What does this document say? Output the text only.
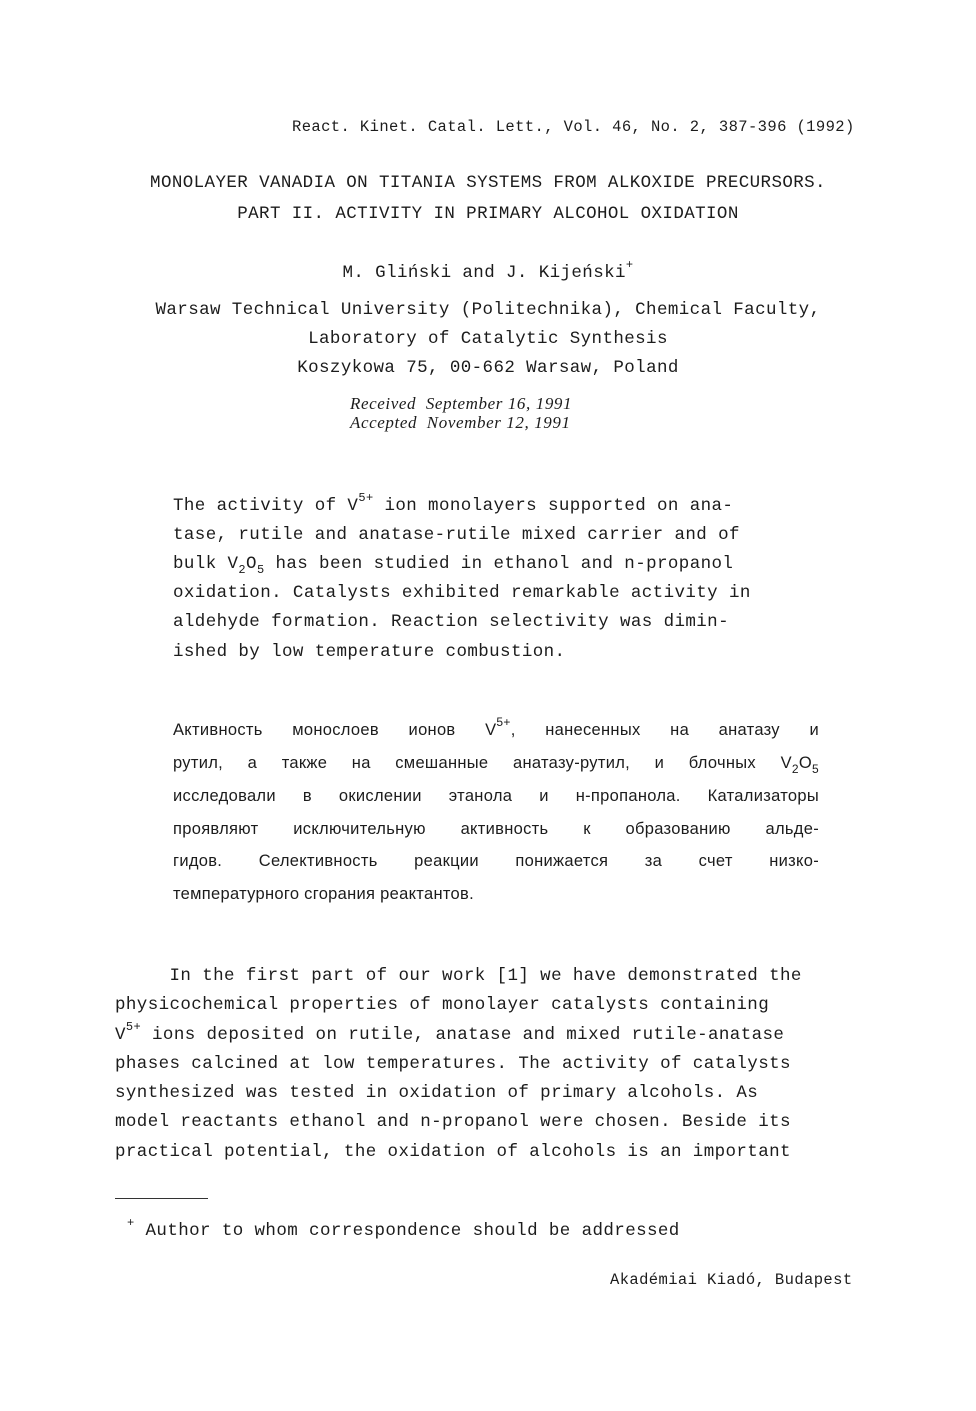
React. Kinet. Catal. Lett., Vol. 46, No. 2, 387-396 (1992)
MONOLAYER VANADIA ON TITANIA SYSTEMS FROM ALKOXIDE PRECURSORS.
PART II. ACTIVITY IN PRIMARY ALCOHOL OXIDATION
M. Gliński and J. Kijeński+
Warsaw Technical University (Politechnika), Chemical Faculty,
Laboratory of Catalytic Synthesis
Koszykowa 75, 00-662 Warsaw, Poland
Received  September 16, 1991
Accepted  November 12, 1991
The activity of $V^{5+}$ ion monolayers supported on ana-
tase, rutile and anatase-rutile mixed carrier and of
bulk $V_2O_5$ has been studied in ethanol and n-propanol
oxidation. Catalysts exhibited remarkable activity in
aldehyde formation. Reaction selectivity was dimin-
ished by low temperature combustion.
Активность монослоев ионов $V^{5+}$, нанесенных на анатазу и
рутил, а также на смешанные анатазу-рутил, и блочных $V_2O_5$
исследовали в окислении этанола и н-пропанола. Катализаторы
проявляют исключительную активность к образованию альде-
гидов. Селективность реакции понижается за счет низко-
температурного сгорания реактантов.
In the first part of our work [1] we have demonstrated the
physicochemical properties of monolayer catalysts containing
$V^{5+}$ ions deposited on rutile, anatase and mixed rutile-anatase
phases calcined at low temperatures. The activity of catalysts
synthesized was tested in oxidation of primary alcohols. As
model reactants ethanol and n-propanol were chosen. Beside its
practical potential, the oxidation of alcohols is an important
+ Author to whom correspondence should be addressed
Akadémiai Kiadó, Budapest
